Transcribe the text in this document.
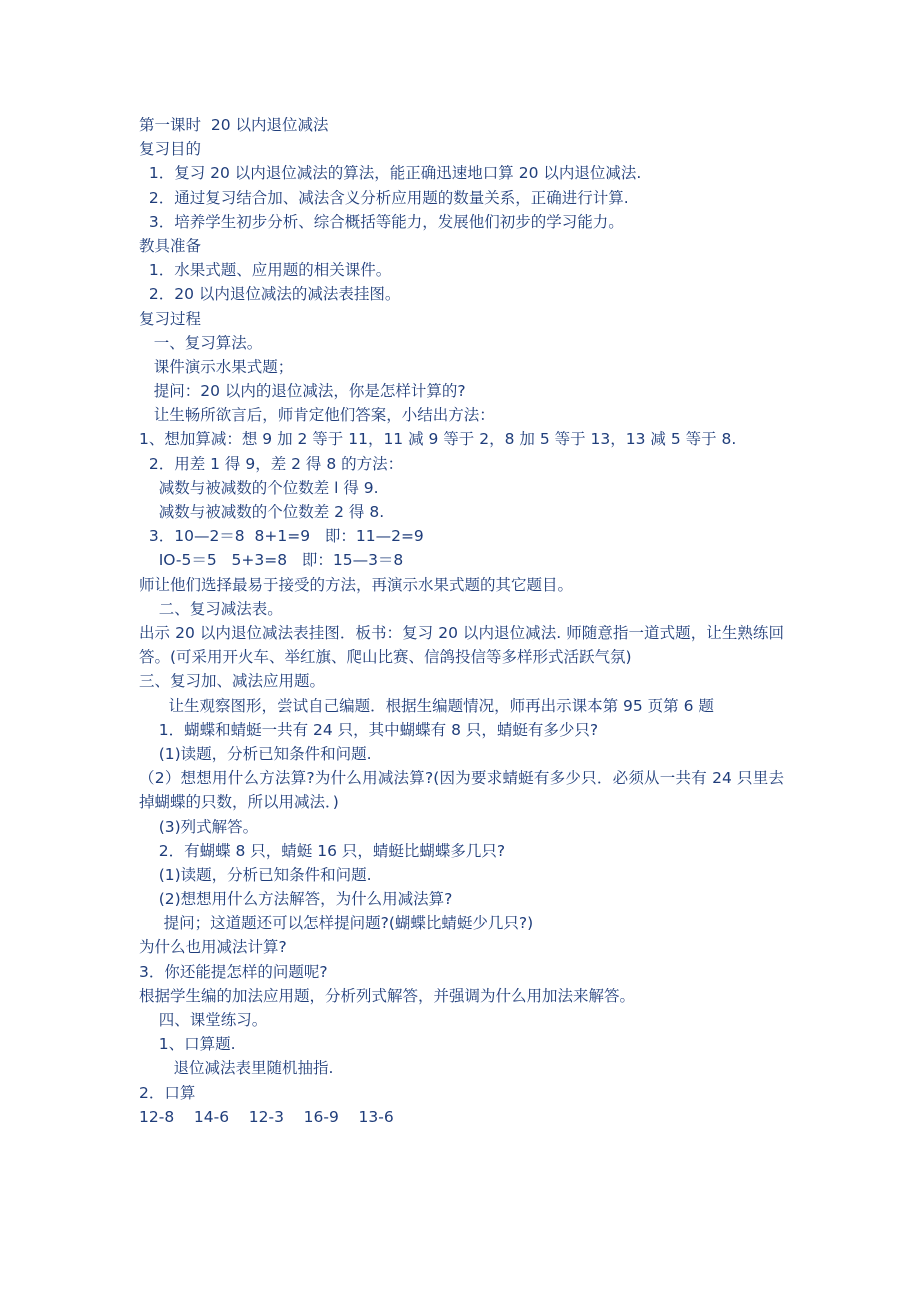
第一课时  20 以内退位减法
复习目的
1．复习 20 以内退位减法的算法，能正确迅速地口算 20 以内退位减法.
2．通过复习结合加、减法含义分析应用题的数量关系，正确进行计算.
3．培养学生初步分析、综合概括等能力，发展他们初步的学习能力。
教具准备
1．水果式题、应用题的相关课件。
2．20 以内退位减法的减法表挂图。
复习过程
一、复习算法。
课件演示水果式题；
提问：20 以内的退位减法，你是怎样计算的?
让生畅所欲言后，师肯定他们答案，小结出方法：
1、想加算减：想 9 加 2 等于 11，11 减 9 等于 2，8 加 5 等于 13，13 减 5 等于 8.
2．用差 1 得 9，差 2 得 8 的方法：
减数与被减数的个位数差 l 得 9.
减数与被减数的个位数差 2 得 8.
3．10—2＝8  8+1=9   即：11—2=9
IO-5＝5   5+3=8   即：15—3＝8
师让他们选择最易于接受的方法，再演示水果式题的其它题目。
二、复习减法表。
出示 20 以内退位减法表挂图．板书：复习 20 以内退位减法. 师随意指一道式题，让生熟练回答。(可采用开火车、举红旗、爬山比赛、信鸽投信等多样形式活跃气氛)
三、复习加、减法应用题。
让生观察图形，尝试自己编题．根据生编题情况，师再出示课本第 95 页第 6 题
1．蝴蝶和蜻蜓一共有 24 只，其中蝴蝶有 8 只，蜻蜓有多少只?
(1)读题，分析已知条件和问题.
（2）想想用什么方法算?为什么用减法算?(因为要求蜻蜓有多少只．必须从一共有 24 只里去掉蝴蝶的只数，所以用减法．)
(3)列式解答。
2．有蝴蝶 8 只，蜻蜓 16 只，蜻蜓比蝴蝶多几只?
(1)读题，分析已知条件和问题.
(2)想想用什么方法解答，为什么用减法算?
提问；这道题还可以怎样提问题?(蝴蝶比蜻蜓少几只?)
为什么也用减法计算?
3．你还能提怎样的问题呢?
根据学生编的加法应用题，分析列式解答，并强调为什么用加法来解答。
四、课堂练习。
1、口算题.
退位减法表里随机抽指.
2．口算
12-8    14-6    12-3    16-9    13-6
